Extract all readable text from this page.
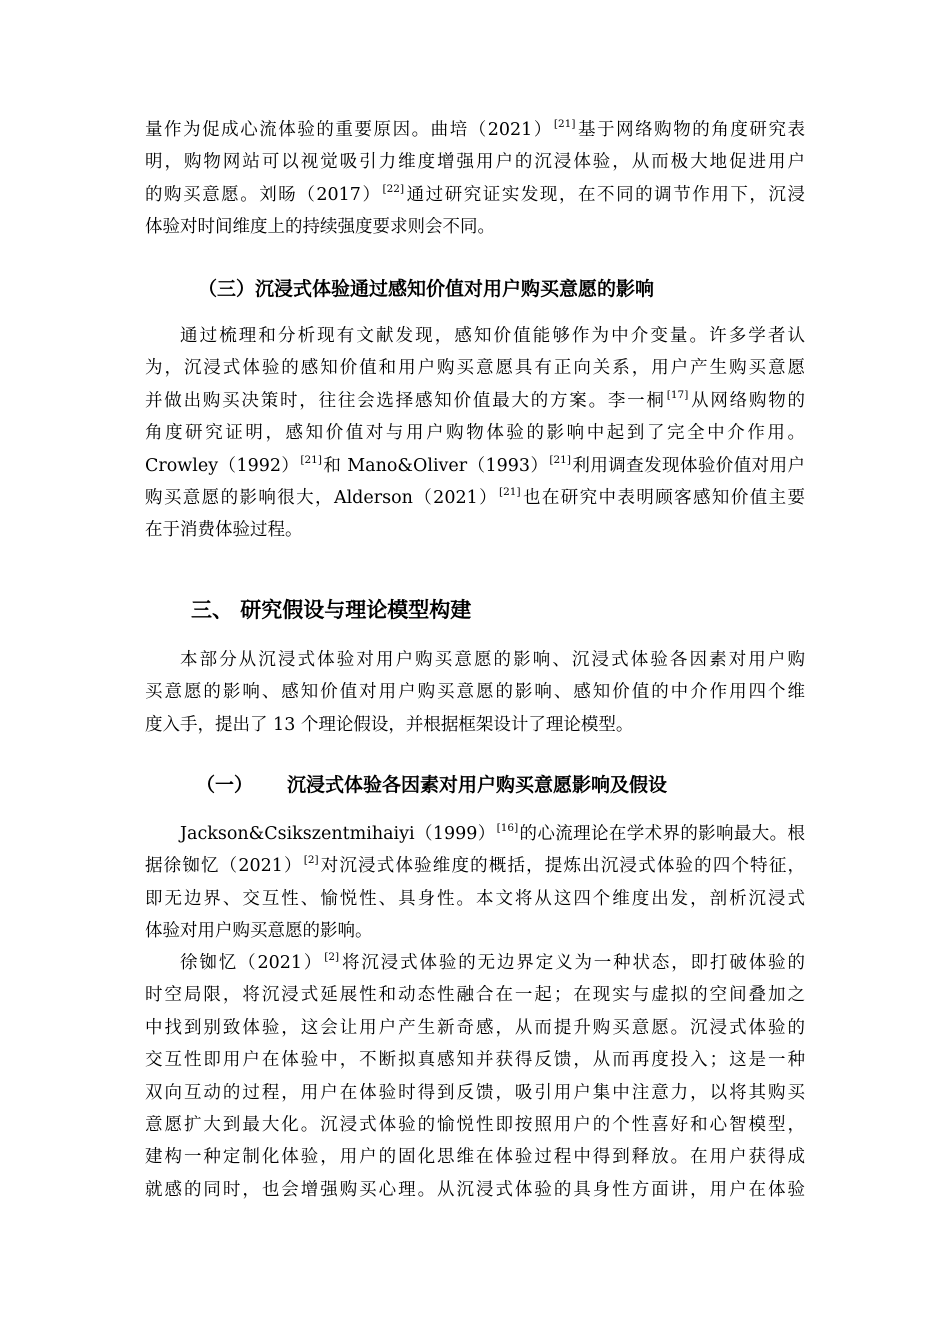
量作为促成心流体验的重要原因。曲培（2021）[21]基于网络购物的角度研究表
明，购物网站可以视觉吸引力维度增强用户的沉浸体验，从而极大地促进用户
的购买意愿。刘旸（2017）[22]通过研究证实发现，在不同的调节作用下，沉浸
体验对时间维度上的持续强度要求则会不同。
（三）沉浸式体验通过感知价值对用户购买意愿的影响
通过梳理和分析现有文献发现，感知价值能够作为中介变量。许多学者认
为，沉浸式体验的感知价值和用户购买意愿具有正向关系，用户产生购买意愿
并做出购买决策时，往往会选择感知价值最大的方案。李一桐[17]从网络购物的
角度研究证明，感知价值对与用户购物体验的影响中起到了完全中介作用。
Crowley（1992）[21]和 Mano&Oliver（1993）[21]利用调查发现体验价值对用户
购买意愿的影响很大，Alderson（2021）[21]也在研究中表明顾客感知价值主要
在于消费体验过程。
三、 研究假设与理论模型构建
本部分从沉浸式体验对用户购买意愿的影响、沉浸式体验各因素对用户购
买意愿的影响、感知价值对用户购买意愿的影响、感知价值的中介作用四个维
度入手，提出了 13 个理论假设，并根据框架设计了理论模型。
（一） 沉浸式体验各因素对用户购买意愿影响及假设
Jackson&Csikszentmihaiyi（1999）[16]的心流理论在学术界的影响最大。根
据徐铷忆（2021）[2]对沉浸式体验维度的概括，提炼出沉浸式体验的四个特征，
即无边界、交互性、愉悦性、具身性。本文将从这四个维度出发，剖析沉浸式
体验对用户购买意愿的影响。
徐铷忆（2021）[2]将沉浸式体验的无边界定义为一种状态，即打破体验的
时空局限，将沉浸式延展性和动态性融合在一起；在现实与虚拟的空间叠加之
中找到别致体验，这会让用户产生新奇感，从而提升购买意愿。沉浸式体验的
交互性即用户在体验中，不断拟真感知并获得反馈，从而再度投入；这是一种
双向互动的过程，用户在体验时得到反馈，吸引用户集中注意力，以将其购买
意愿扩大到最大化。沉浸式体验的愉悦性即按照用户的个性喜好和心智模型，
建构一种定制化体验，用户的固化思维在体验过程中得到释放。在用户获得成
就感的同时，也会增强购买心理。从沉浸式体验的具身性方面讲，用户在体验
